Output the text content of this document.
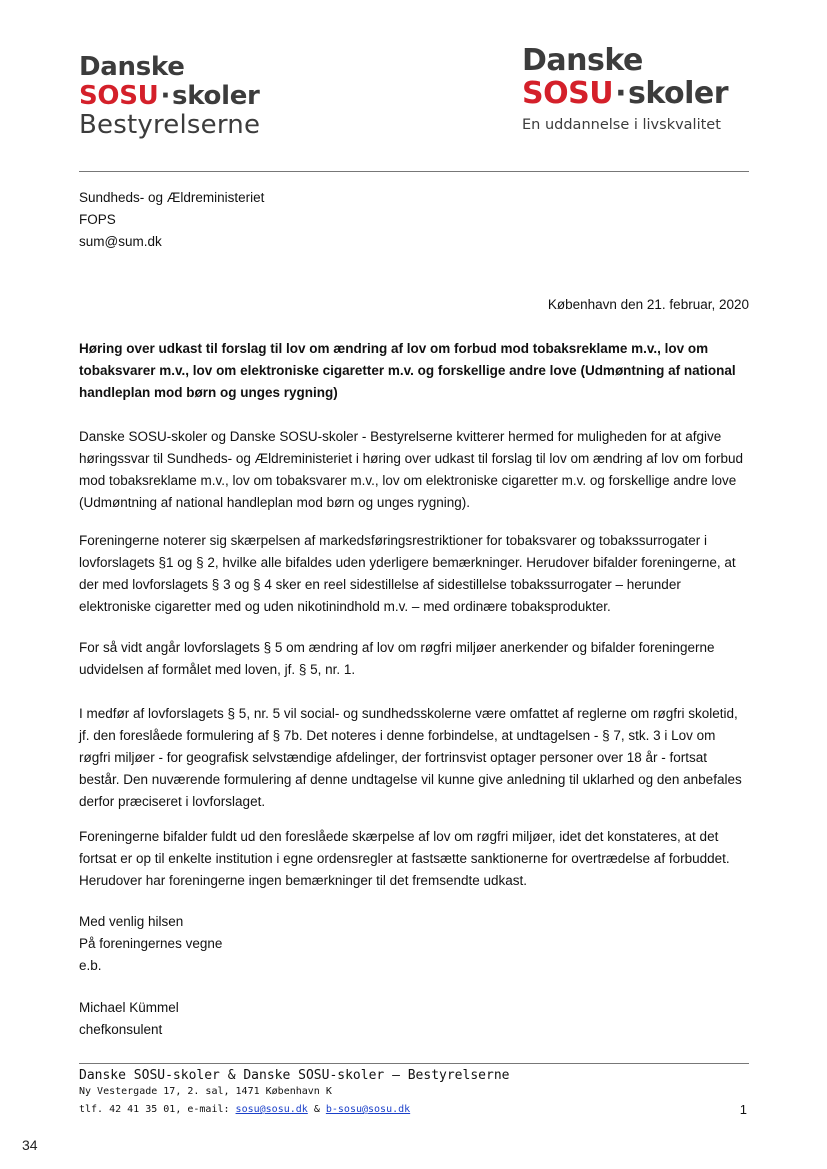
Danske
SOSU·skoler
Bestyrelserne
Danske
SOSU·skoler
En uddannelse i livskvalitet
Sundheds- og Ældreministeriet
FOPS
sum@sum.dk
København den 21. februar, 2020
Høring over udkast til forslag til lov om ændring af lov om forbud mod tobaksreklame m.v., lov om tobaksvarer m.v., lov om elektroniske cigaretter m.v. og forskellige andre love (Udmøntning af national handleplan mod børn og unges rygning)
Danske SOSU-skoler og Danske SOSU-skoler - Bestyrelserne kvitterer hermed for muligheden for at afgive høringssvar til Sundheds- og Ældreministeriet i høring over udkast til forslag til lov om ændring af lov om forbud mod tobaksreklame m.v., lov om tobaksvarer m.v., lov om elektroniske cigaretter m.v. og forskellige andre love (Udmøntning af national handleplan mod børn og unges rygning).
Foreningerne noterer sig skærpelsen af markedsføringsrestriktioner for tobaksvarer og tobakssurrogater i lovforslagets §1 og § 2, hvilke alle bifaldes uden yderligere bemærkninger. Herudover bifalder foreningerne, at der med lovforslagets § 3 og § 4 sker en reel sidestillelse af sidestillelse tobakssurrogater – herunder elektroniske cigaretter med og uden nikotinindhold m.v. – med ordinære tobaksprodukter.
For så vidt angår lovforslagets § 5 om ændring af lov om røgfri miljøer anerkender og bifalder foreningerne udvidelsen af formålet med loven, jf. § 5, nr. 1.
I medfør af lovforslagets § 5, nr. 5 vil social- og sundhedsskolerne være omfattet af reglerne om røgfri skoletid, jf. den foreslåede formulering af § 7b. Det noteres i denne forbindelse, at undtagelsen - § 7, stk. 3 i Lov om røgfri miljøer - for geografisk selvstændige afdelinger, der fortrinsvist optager personer over 18 år - fortsat består. Den nuværende formulering af denne undtagelse vil kunne give anledning til uklarhed og den anbefales derfor præciseret i lovforslaget.
Foreningerne bifalder fuldt ud den foreslåede skærpelse af lov om røgfri miljøer, idet det konstateres, at det fortsat er op til enkelte institution i egne ordensregler at fastsætte sanktionerne for overtrædelse af forbuddet. Herudover har foreningerne ingen bemærkninger til det fremsendte udkast.
Med venlig hilsen
På foreningernes vegne
e.b.
Michael Kümmel
chefkonsulent
Danske SOSU-skoler & Danske SOSU-skoler – Bestyrelserne
Ny Vestergade 17, 2. sal, 1471 København K
tlf. 42 41 35 01, e-mail: sosu@sosu.dk & b-sosu@sosu.dk	1
34
